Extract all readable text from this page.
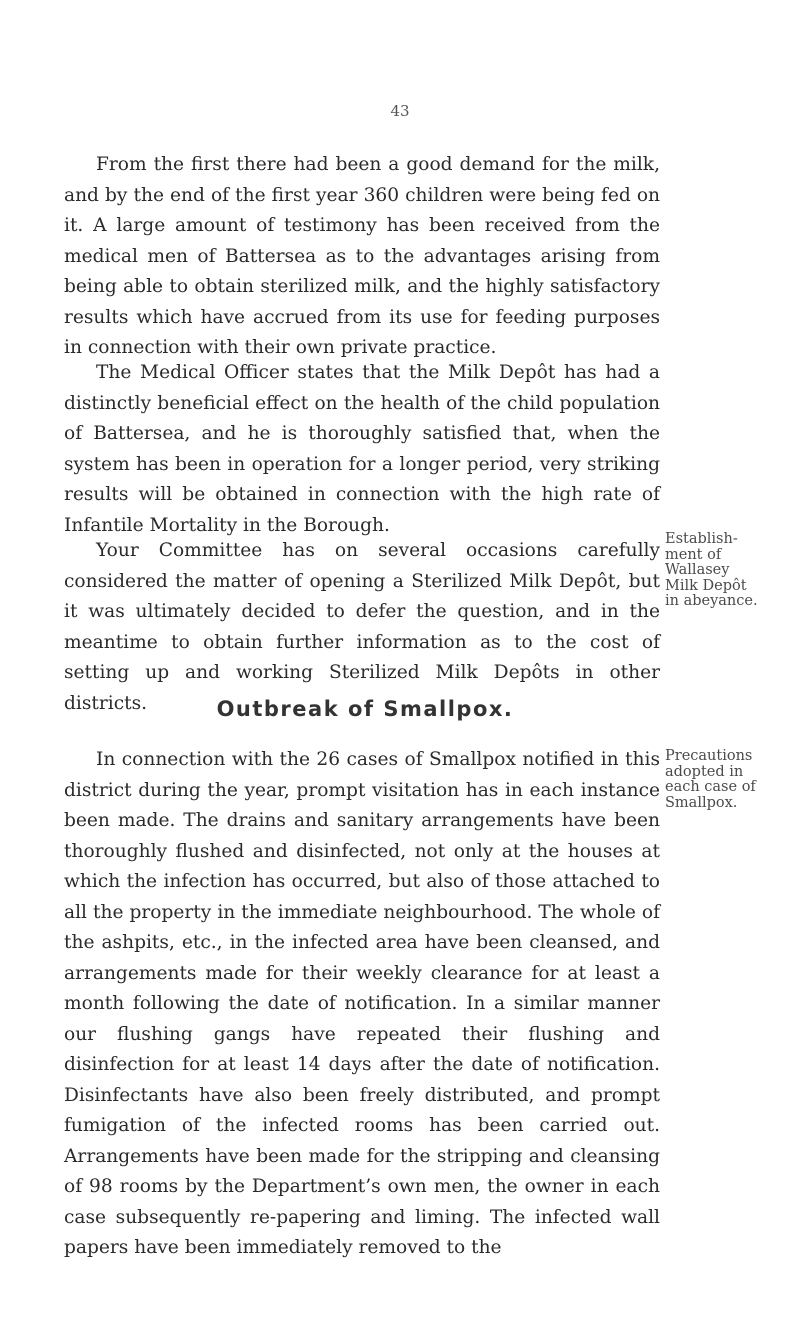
43

From the first there had been a good demand for the milk, and by the end of the first year 360 children were being fed on it. A large amount of testimony has been received from the medical men of Battersea as to the advantages arising from being able to obtain sterilized milk, and the highly satisfactory results which have accrued from its use for feeding purposes in connection with their own private practice.

The Medical Officer states that the Milk Depôt has had a distinctly beneficial effect on the health of the child population of Battersea, and he is thoroughly satisfied that, when the system has been in operation for a longer period, very striking results will be obtained in connection with the high rate of Infantile Mortality in the Borough.

Your Committee has on several occasions carefully considered the matter of opening a Sterilized Milk Depôt, but it was ultimately decided to defer the question, and in the meantime to obtain further information as to the cost of setting up and working Sterilized Milk Depôts in other districts.

Establish-
ment of
Wallasey
Milk Depôt
in abeyance.

Outbreak of Smallpox.

In connection with the 26 cases of Smallpox notified in this district during the year, prompt visitation has in each instance been made. The drains and sanitary arrangements have been thoroughly flushed and disinfected, not only at the houses at which the infection has occurred, but also of those attached to all the property in the immediate neighbourhood. The whole of the ashpits, etc., in the infected area have been cleansed, and arrangements made for their weekly clearance for at least a month following the date of notification. In a similar manner our flushing gangs have repeated their flushing and disinfection for at least 14 days after the date of notification. Disinfectants have also been freely distributed, and prompt fumigation of the infected rooms has been carried out. Arrangements have been made for the stripping and cleansing of 98 rooms by the Department’s own men, the owner in each case subsequently re-papering and liming. The infected wall papers have been immediately removed to the

Precautions
adopted in
each case of
Smallpox.
